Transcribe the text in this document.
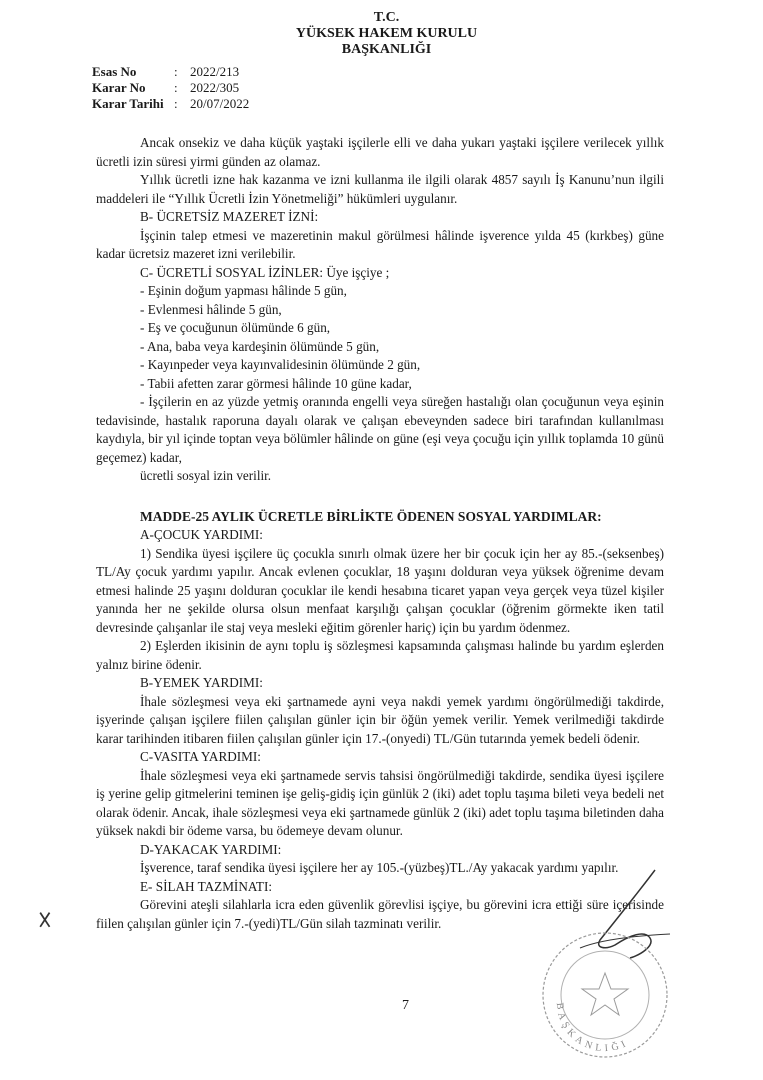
T.C.
YÜKSEK HAKEM KURULU
BAŞKANLIĞI
Esas No	: 2022/213
Karar No	: 2022/305
Karar Tarihi : 20/07/2022

Ancak onsekiz ve daha küçük yaştaki işçilerle elli ve daha yukarı yaştaki işçilere verilecek yıllık ücretli izin süresi yirmi günden az olamaz.

Yıllık ücretli izne hak kazanma ve izni kullanma ile ilgili olarak 4857 sayılı İş Kanunu’nun ilgili maddeleri ile “Yıllık Ücretli İzin Yönetmeliği” hükümleri uygulanır.

B- ÜCRETSİZ MAZERET İZNİ:

İşçinin talep etmesi ve mazeretinin makul görülmesi hâlinde işverence yılda 45 (kırkbeş) güne kadar ücretsiz mazeret izni verilebilir.

C- ÜCRETLİ SOSYAL İZİNLER: Üye işçiye ;

- Eşinin doğum yapması hâlinde 5 gün,

- Evlenmesi hâlinde 5 gün,

- Eş ve çocuğunun ölümünde 6 gün,

- Ana, baba veya kardeşinin ölümünde 5 gün,

- Kayınpeder veya kayınvalidesinin ölümünde 2 gün,

- Tabii afetten zarar görmesi hâlinde 10 güne kadar,

- İşçilerin en az yüzde yetmiş oranında engelli veya süreğen hastalığı olan çocuğunun veya eşinin tedavisinde, hastalık raporuna dayalı olarak ve çalışan ebeveynden sadece biri tarafından kullanılması kaydıyla, bir yıl içinde toptan veya bölümler hâlinde on güne (eşi veya çocuğu için yıllık toplamda 10 günü geçemez) kadar,

ücretli sosyal izin verilir.

MADDE-25 AYLIK ÜCRETLE BİRLİKTE ÖDENEN SOSYAL YARDIMLAR:

A-ÇOCUK YARDIMI:

1) Sendika üyesi işçilere üç çocukla sınırlı olmak üzere her bir çocuk için her ay 85.-(seksenbeş) TL/Ay çocuk yardımı yapılır. Ancak evlenen çocuklar, 18 yaşını dolduran veya yüksek öğrenime devam etmesi halinde 25 yaşını dolduran çocuklar ile kendi hesabına ticaret yapan veya gerçek veya tüzel kişiler yanında her ne şekilde olursa olsun menfaat karşılığı çalışan çocuklar (öğrenim görmekte iken tatil devresinde çalışanlar ile staj veya mesleki eğitim görenler hariç) için bu yardım ödenmez.

2) Eşlerden ikisinin de aynı toplu iş sözleşmesi kapsamında çalışması halinde bu yardım eşlerden yalnız birine ödenir.

B-YEMEK YARDIMI:

İhale sözleşmesi veya eki şartnamede ayni veya nakdi yemek yardımı öngörülmediği takdirde, işyerinde çalışan işçilere fiilen çalışılan günler için bir öğün yemek verilir. Yemek verilmediği takdirde karar tarihinden itibaren fiilen çalışılan günler için 17.-(onyedi) TL/Gün tutarında yemek bedeli ödenir.

C-VASITA YARDIMI:

İhale sözleşmesi veya eki şartnamede servis tahsisi öngörülmediği takdirde, sendika üyesi işçilere iş yerine gelip gitmelerini teminen işe geliş-gidiş için günlük 2 (iki) adet toplu taşıma bileti veya bedeli net olarak ödenir. Ancak, ihale sözleşmesi veya eki şartnamede günlük 2 (iki) adet toplu taşıma biletinden daha yüksek nakdi bir ödeme varsa, bu ödemeye devam olunur.

D-YAKACAK YARDIMI:

İşverence, taraf sendika üyesi işçilere her ay 105.-(yüzbeş)TL./Ay yakacak yardımı yapılır.

E- SİLAH TAZMİNATI:

Görevini ateşli silahlarla icra eden güvenlik görevlisi işçiye, bu görevini icra ettiği süre içerisinde fiilen çalışılan günler için 7.-(yedi)TL/Gün silah tazminatı verilir.

𐌗
BAŞKANLIĞI
7
